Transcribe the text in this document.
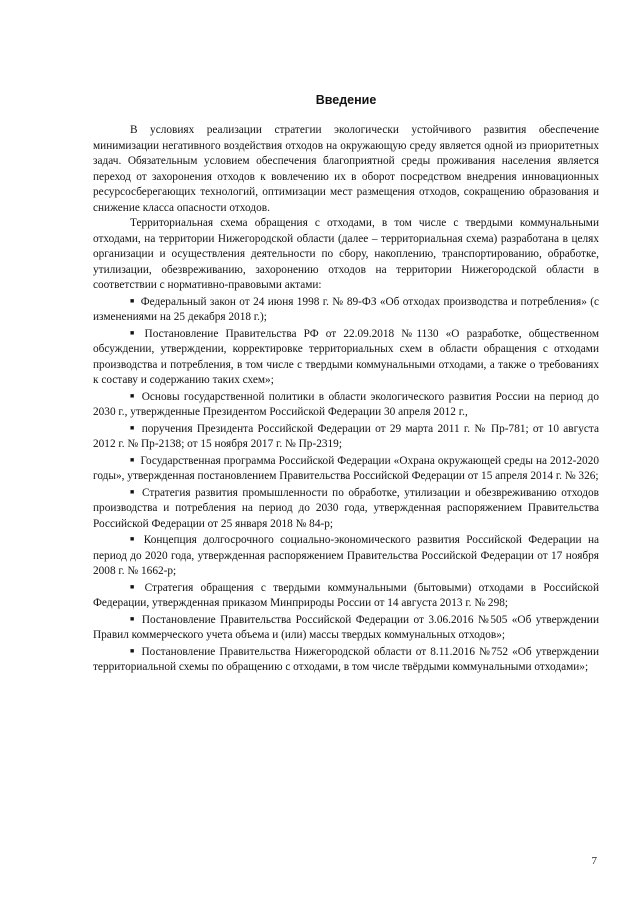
Введение

В условиях реализации стратегии экологически устойчивого развития обеспечение минимизации негативного воздействия отходов на окружающую среду является одной из приоритетных задач. Обязательным условием обеспечения благоприятной среды проживания населения является переход от захоронения отходов к вовлечению их в оборот посредством внедрения инновационных ресурсосберегающих технологий, оптимизации мест размещения отходов, сокращению образования и снижение класса опасности отходов.

Территориальная схема обращения с отходами, в том числе с твердыми коммунальными отходами, на территории Нижегородской области (далее – территориальная схема) разработана в целях организации и осуществления деятельности по сбору, накоплению, транспортированию, обработке, утилизации, обезвреживанию, захоронению отходов на территории Нижегородской области в соответствии с нормативно-правовыми актами:

■ Федеральный закон от 24 июня 1998 г. № 89-ФЗ «Об отходах производства и потребления» (с изменениями на 25 декабря 2018 г.);
■ Постановление Правительства РФ от 22.09.2018 №1130 «О разработке, общественном обсуждении, утверждении, корректировке территориальных схем в области обращения с отходами производства и потребления, в том числе с твердыми коммунальными отходами, а также о требованиях к составу и содержанию таких схем»;
■ Основы государственной политики в области экологического развития России на период до 2030 г., утвержденные Президентом Российской Федерации 30 апреля 2012 г.,
■ поручения Президента Российской Федерации от 29 марта 2011 г. № Пр-781; от 10 августа 2012 г. № Пр-2138; от 15 ноября 2017 г. № Пр-2319;
■ Государственная программа Российской Федерации «Охрана окружающей среды на 2012-2020 годы», утвержденная постановлением Правительства Российской Федерации от 15 апреля 2014 г. № 326;
■ Стратегия развития промышленности по обработке, утилизации и обезвреживанию отходов производства и потребления на период до 2030 года, утвержденная распоряжением Правительства Российской Федерации от 25 января 2018 № 84-р;
■ Концепция долгосрочного социально-экономического развития Российской Федерации на период до 2020 года, утвержденная распоряжением Правительства Российской Федерации от 17 ноября 2008 г. № 1662-р;
■ Стратегия обращения с твердыми коммунальными (бытовыми) отходами в Российской Федерации, утвержденная приказом Минприроды России от 14 августа 2013 г. № 298;
■ Постановление Правительства Российской Федерации от 3.06.2016 №505 «Об утверждении Правил коммерческого учета объема и (или) массы твердых коммунальных отходов»;
■ Постановление Правительства Нижегородской области от 8.11.2016 №752 «Об утверждении территориальной схемы по обращению с отходами, в том числе твёрдыми коммунальными отходами»;
7
